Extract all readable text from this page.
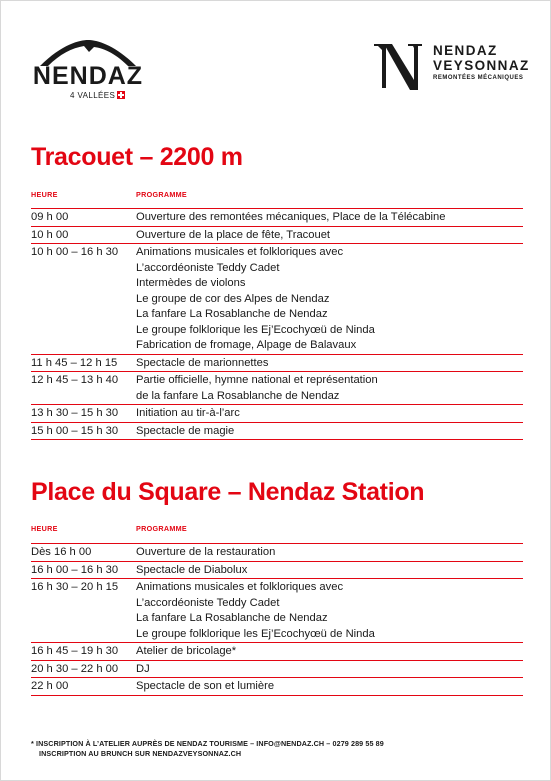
NENDAZ
4 VALLÉES
NENDAZ
VEYSONNAZ
REMONTÉES MÉCANIQUES
Tracouet – 2200 m
HEURE	PROGRAMME
09 h 00	Ouverture des remontées mécaniques, Place de la Télécabine
10 h 00	Ouverture de la place de fête, Tracouet
10 h 00 – 16 h 30	Animations musicales et folkloriques avec
L’accordéoniste Teddy Cadet
Intermèdes de violons
Le groupe de cor des Alpes de Nendaz
La fanfare La Rosablanche de Nendaz
Le groupe folklorique les Ej’Ecochyœü de Ninda
Fabrication de fromage, Alpage de Balavaux
11 h 45 – 12 h 15	Spectacle de marionnettes
12 h 45 – 13 h 40	Partie officielle, hymne national et représentation
de la fanfare La Rosablanche de Nendaz
13 h 30 – 15 h 30	Initiation au tir-à-l’arc
15 h 00 – 15 h 30	Spectacle de magie
Place du Square – Nendaz Station
HEURE	PROGRAMME
Dès 16 h 00	Ouverture de la restauration
16 h 00 – 16 h 30	Spectacle de Diabolux
16 h 30 – 20 h 15	Animations musicales et folkloriques avec
L’accordéoniste Teddy Cadet
La fanfare La Rosablanche de Nendaz
Le groupe folklorique les Ej’Ecochyœü de Ninda
16 h 45 – 19 h 30	Atelier de bricolage*
20 h 30 – 22 h 00	DJ
22 h 00	Spectacle de son et lumière
* INSCRIPTION À L’ATELIER AUPRÈS DE NENDAZ TOURISME – INFO@NENDAZ.CH – 0279 289 55 89
INSCRIPTION AU BRUNCH SUR NENDAZVEYSONNAZ.CH
